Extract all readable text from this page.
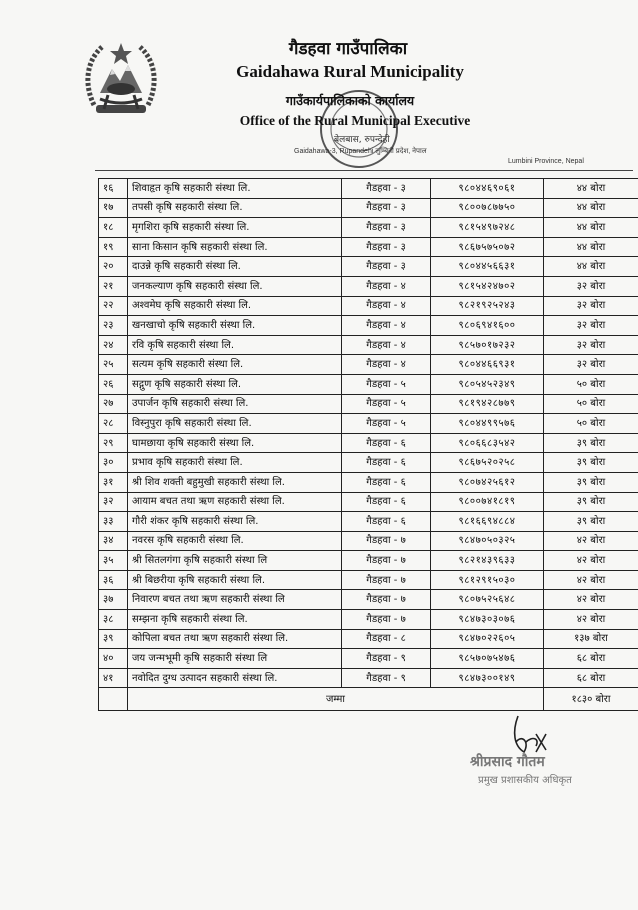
गैडहवा गाउँपालिका
Gaidahawa Rural Municipality
गाउँकार्यपालिकाको कार्यालय
Office of the Rural Municipal Executive
बेलबास, रुपन्देही
Gaidahawa-3, Rupandehi लुम्बिनी प्रदेश, नेपाल
Lumbini Province, Nepal
१६	शिवाहृत कृषि सहकारी संस्था लि.	गैडहवा - ३	९८०४४६९०६१	४४ बोरा
१७	तपसी कृषि सहकारी संस्था लि.	गैडहवा - ३	९८००७८७७५०	४४ बोरा
१८	मृगशिरा कृषि सहकारी संस्था लि.	गैडहवा - ३	९८१५४९७२४८	४४ बोरा
१९	साना किसान कृषि सहकारी संस्था लि.	गैडहवा - ३	९८६७५७५०७२	४४ बोरा
२०	दाउन्ने कृषि सहकारी संस्था लि.	गैडहवा - ३	९८०४४५६६३१	४४ बोरा
२१	जनकल्याण कृषि सहकारी संस्था लि.	गैडहवा - ४	९८१५४२४७०२	३२ बोरा
२२	अश्वमेघ कृषि सहकारी संस्था लि.	गैडहवा - ४	९८२१९२५२४३	३२ बोरा
२३	खनखाचो कृषि सहकारी संस्था लि.	गैडहवा - ४	९८०६९४१६००	३२ बोरा
२४	रवि कृषि सहकारी संस्था लि.	गैडहवा - ४	९८५७०१७२३२	३२ बोरा
२५	सत्यम कृषि सहकारी संस्था लि.	गैडहवा - ४	९८०४४६६९३१	३२ बोरा
२६	सद्गुण कृषि सहकारी संस्था लि.	गैडहवा - ५	९८०५४५२३४९	५० बोरा
२७	उपार्जन कृषि सहकारी संस्था लि.	गैडहवा - ५	९८१९४२८७७९	५० बोरा
२८	विस्नुपुरा कृषि सहकारी संस्था लि.	गैडहवा - ५	९८०४४९९५७६	५० बोरा
२९	घामछाया कृषि सहकारी संस्था लि.	गैडहवा - ६	९८०६६८३५४२	३९ बोरा
३०	प्रभाव कृषि सहकारी संस्था लि.	गैडहवा - ६	९८६७५२०२५८	३९ बोरा
३१	श्री शिव शक्ती बहुमुखी सहकारी संस्था लि.	गैडहवा - ६	९८०७४२५६१२	३९ बोरा
३२	आयाम बचत तथा ऋण सहकारी संस्था लि.	गैडहवा - ६	९८००७४१८१९	३९ बोरा
३३	गौरी शंकर कृषि सहकारी संस्था लि.	गैडहवा - ६	९८१६६९४८८४	३९ बोरा
३४	नवरस कृषि सहकारी संस्था लि.	गैडहवा - ७	९८४७०५०३२५	४२ बोरा
३५	श्री सितलगंगा कृषि सहकारी संस्था लि	गैडहवा - ७	९८२१४३९६३३	४२ बोरा
३६	श्री बिछरीया कृषि सहकारी संस्था लि.	गैडहवा - ७	९८१२९१५०३०	४२ बोरा
३७	निवारण बचत तथा ऋण सहकारी संस्था लि	गैडहवा - ७	९८०७५२५६४८	४२ बोरा
३८	सम्झना कृषि सहकारी संस्था लि.	गैडहवा - ७	९८४७३०३०७६	४२ बोरा
३९	कोपिला बचत तथा ऋण सहकारी संस्था लि.	गैडहवा - ८	९८४७०२२६०५	१३७ बोरा
४०	जय जन्मभूमी कृषि सहकारी संस्था लि	गैडहवा - ९	९८५७०७५४७६	६८ बोरा
४१	नवोदित दुग्ध उत्पादन सहकारी संस्था लि.	गैडहवा - ९	९८४७३००१४९	६८ बोरा
	जम्मा			१८३० बोरा
श्रीप्रसाद गौतम
प्रमुख प्रशासकीय अधिकृत
